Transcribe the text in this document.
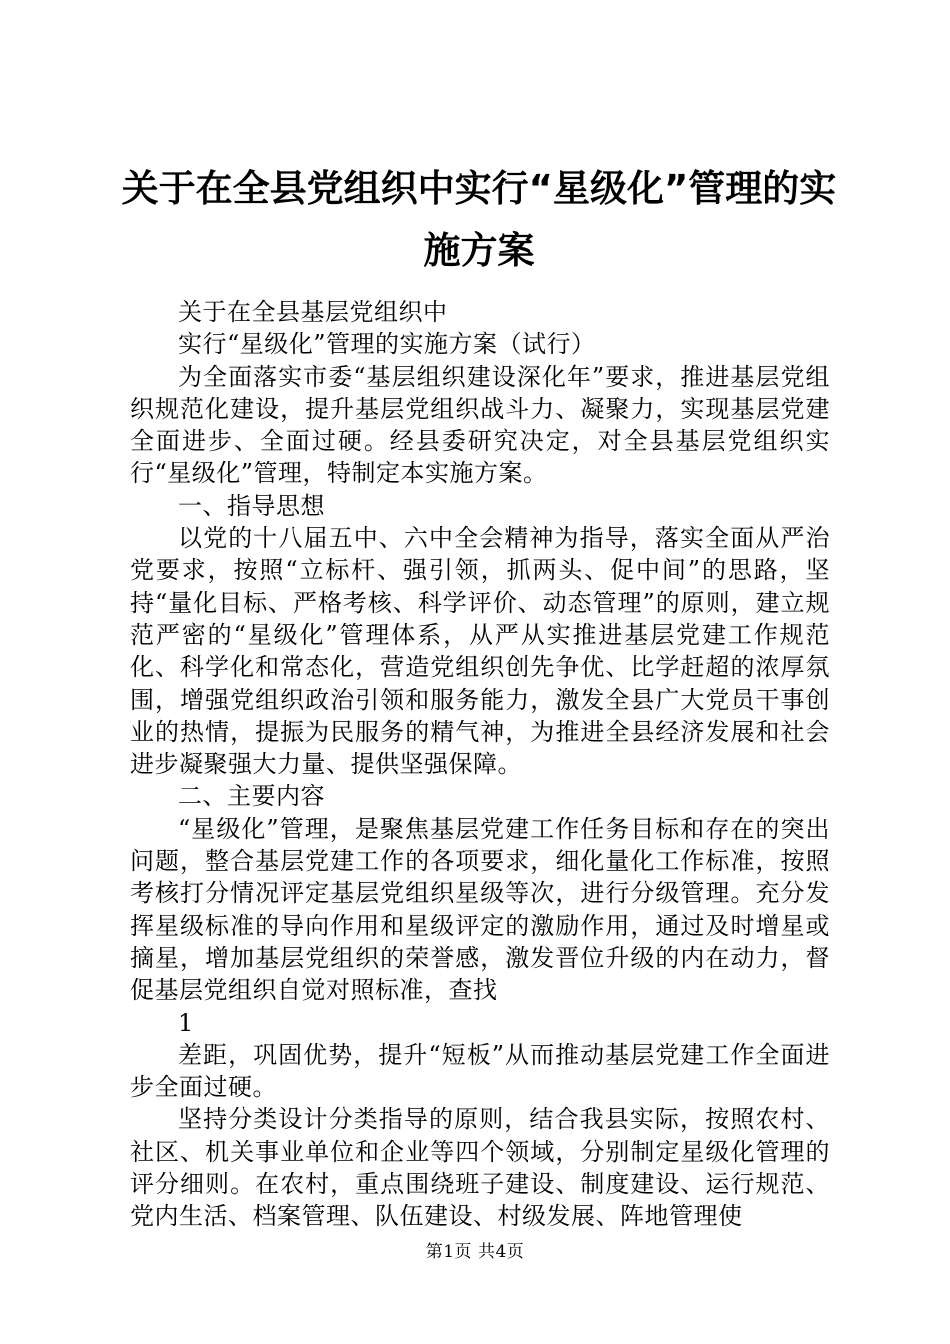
关于在全县党组织中实行“星级化”管理的实施方案

关于在全县基层党组织中

实行“星级化”管理的实施方案（试行）

为全面落实市委“基层组织建设深化年”要求，推进基层党组织规范化建设，提升基层党组织战斗力、凝聚力，实现基层党建全面进步、全面过硬。经县委研究决定，对全县基层党组织实行“星级化”管理，特制定本实施方案。

一、指导思想

以党的十八届五中、六中全会精神为指导，落实全面从严治党要求，按照“立标杆、强引领，抓两头、促中间”的思路，坚持“量化目标、严格考核、科学评价、动态管理”的原则，建立规范严密的“星级化”管理体系，从严从实推进基层党建工作规范化、科学化和常态化，营造党组织创先争优、比学赶超的浓厚氛围，增强党组织政治引领和服务能力，激发全县广大党员干事创业的热情，提振为民服务的精气神，为推进全县经济发展和社会进步凝聚强大力量、提供坚强保障。

二、主要内容

“星级化”管理，是聚焦基层党建工作任务目标和存在的突出问题，整合基层党建工作的各项要求，细化量化工作标准，按照考核打分情况评定基层党组织星级等次，进行分级管理。充分发挥星级标准的导向作用和星级评定的激励作用，通过及时增星或摘星，增加基层党组织的荣誉感，激发晋位升级的内在动力，督促基层党组织自觉对照标准，查找

1

差距，巩固优势，提升“短板”从而推动基层党建工作全面进步全面过硬。

坚持分类设计分类指导的原则，结合我县实际，按照农村、社区、机关事业单位和企业等四个领域，分别制定星级化管理的评分细则。在农村，重点围绕班子建设、制度建设、运行规范、党内生活、档案管理、队伍建设、村级发展、阵地管理使

第1页 共4页
